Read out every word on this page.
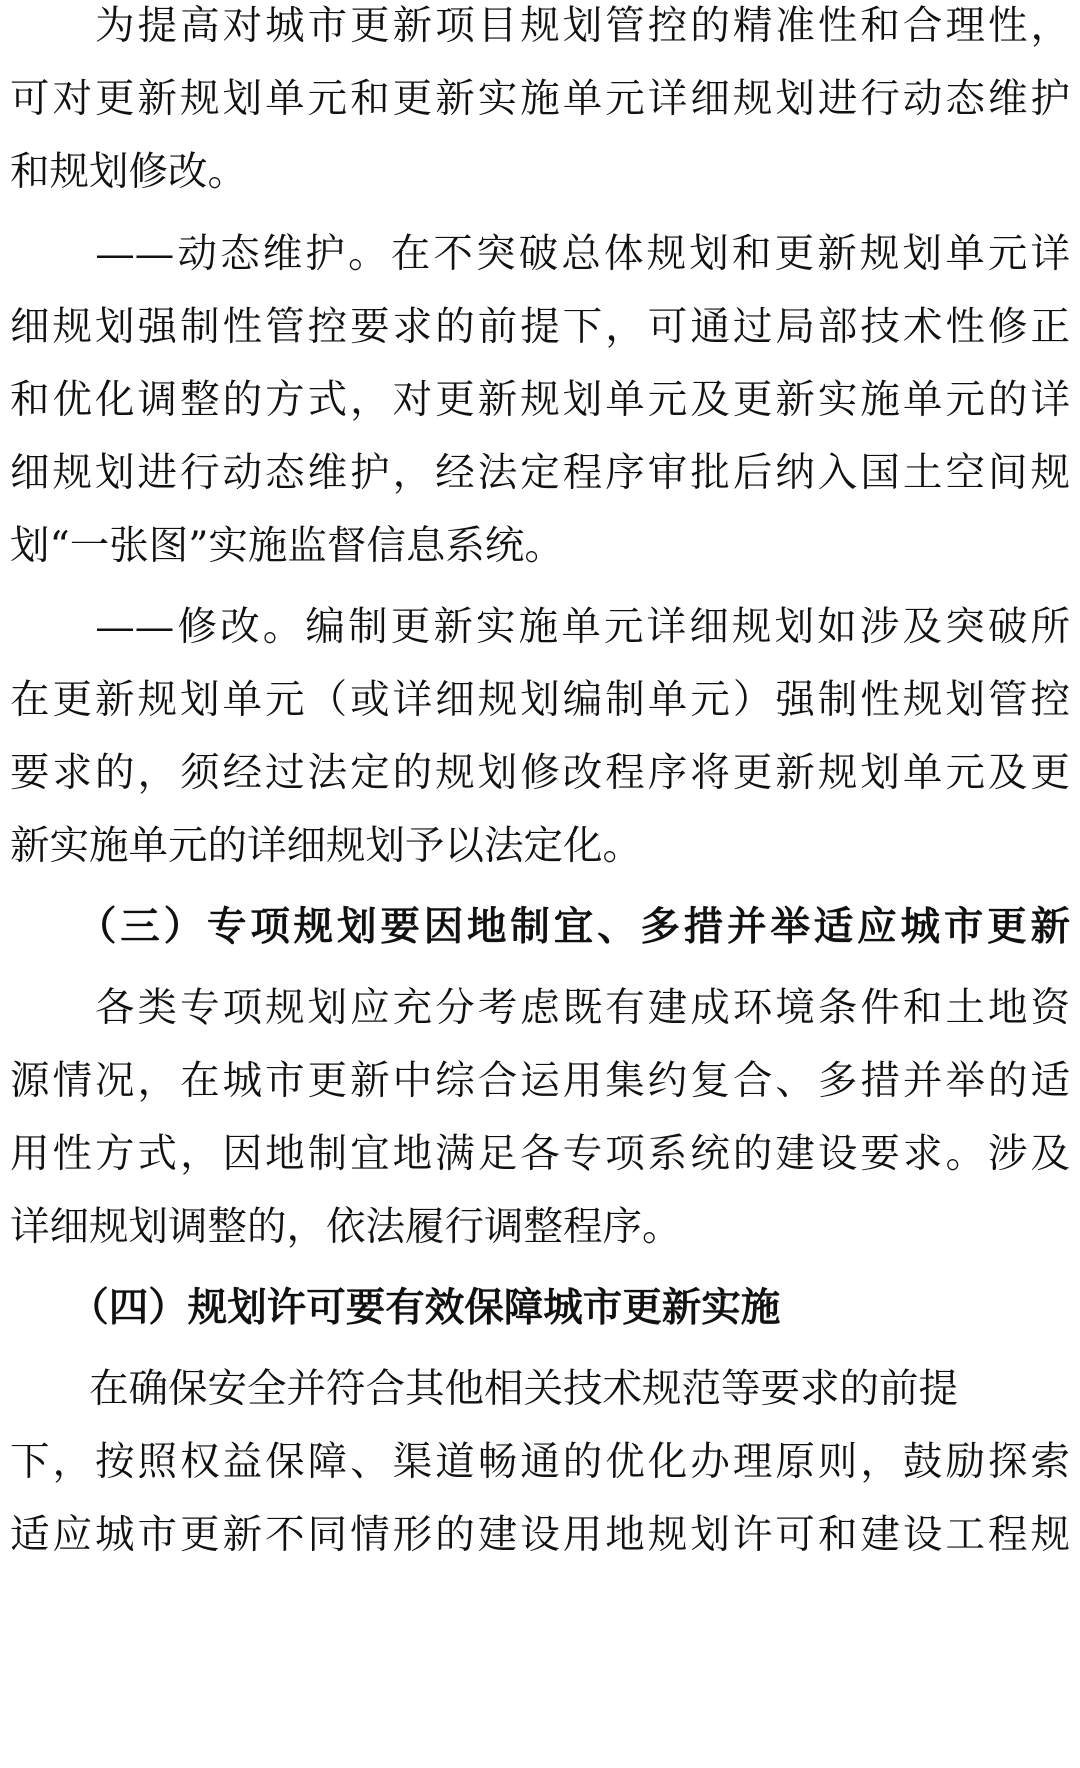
　　为提高对城市更新项目规划管控的精准性和合理性，
可对更新规划单元和更新实施单元详细规划进行动态维护
和规划修改。
　　——动态维护。在不突破总体规划和更新规划单元详
细规划强制性管控要求的前提下，可通过局部技术性修正
和优化调整的方式，对更新规划单元及更新实施单元的详
细规划进行动态维护，经法定程序审批后纳入国土空间规
划“一张图”实施监督信息系统。
　　——修改。编制更新实施单元详细规划如涉及突破所
在更新规划单元（或详细规划编制单元）强制性规划管控
要求的，须经过法定的规划修改程序将更新规划单元及更
新实施单元的详细规划予以法定化。
　　（三）专项规划要因地制宜、多措并举适应城市更新
　　各类专项规划应充分考虑既有建成环境条件和土地资
源情况，在城市更新中综合运用集约复合、多措并举的适
用性方式，因地制宜地满足各专项系统的建设要求。涉及
详细规划调整的，依法履行调整程序。
　　（四）规划许可要有效保障城市更新实施
　　在确保安全并符合其他相关技术规范等要求的前提
下，按照权益保障、渠道畅通的优化办理原则，鼓励探索
适应城市更新不同情形的建设用地规划许可和建设工程规
